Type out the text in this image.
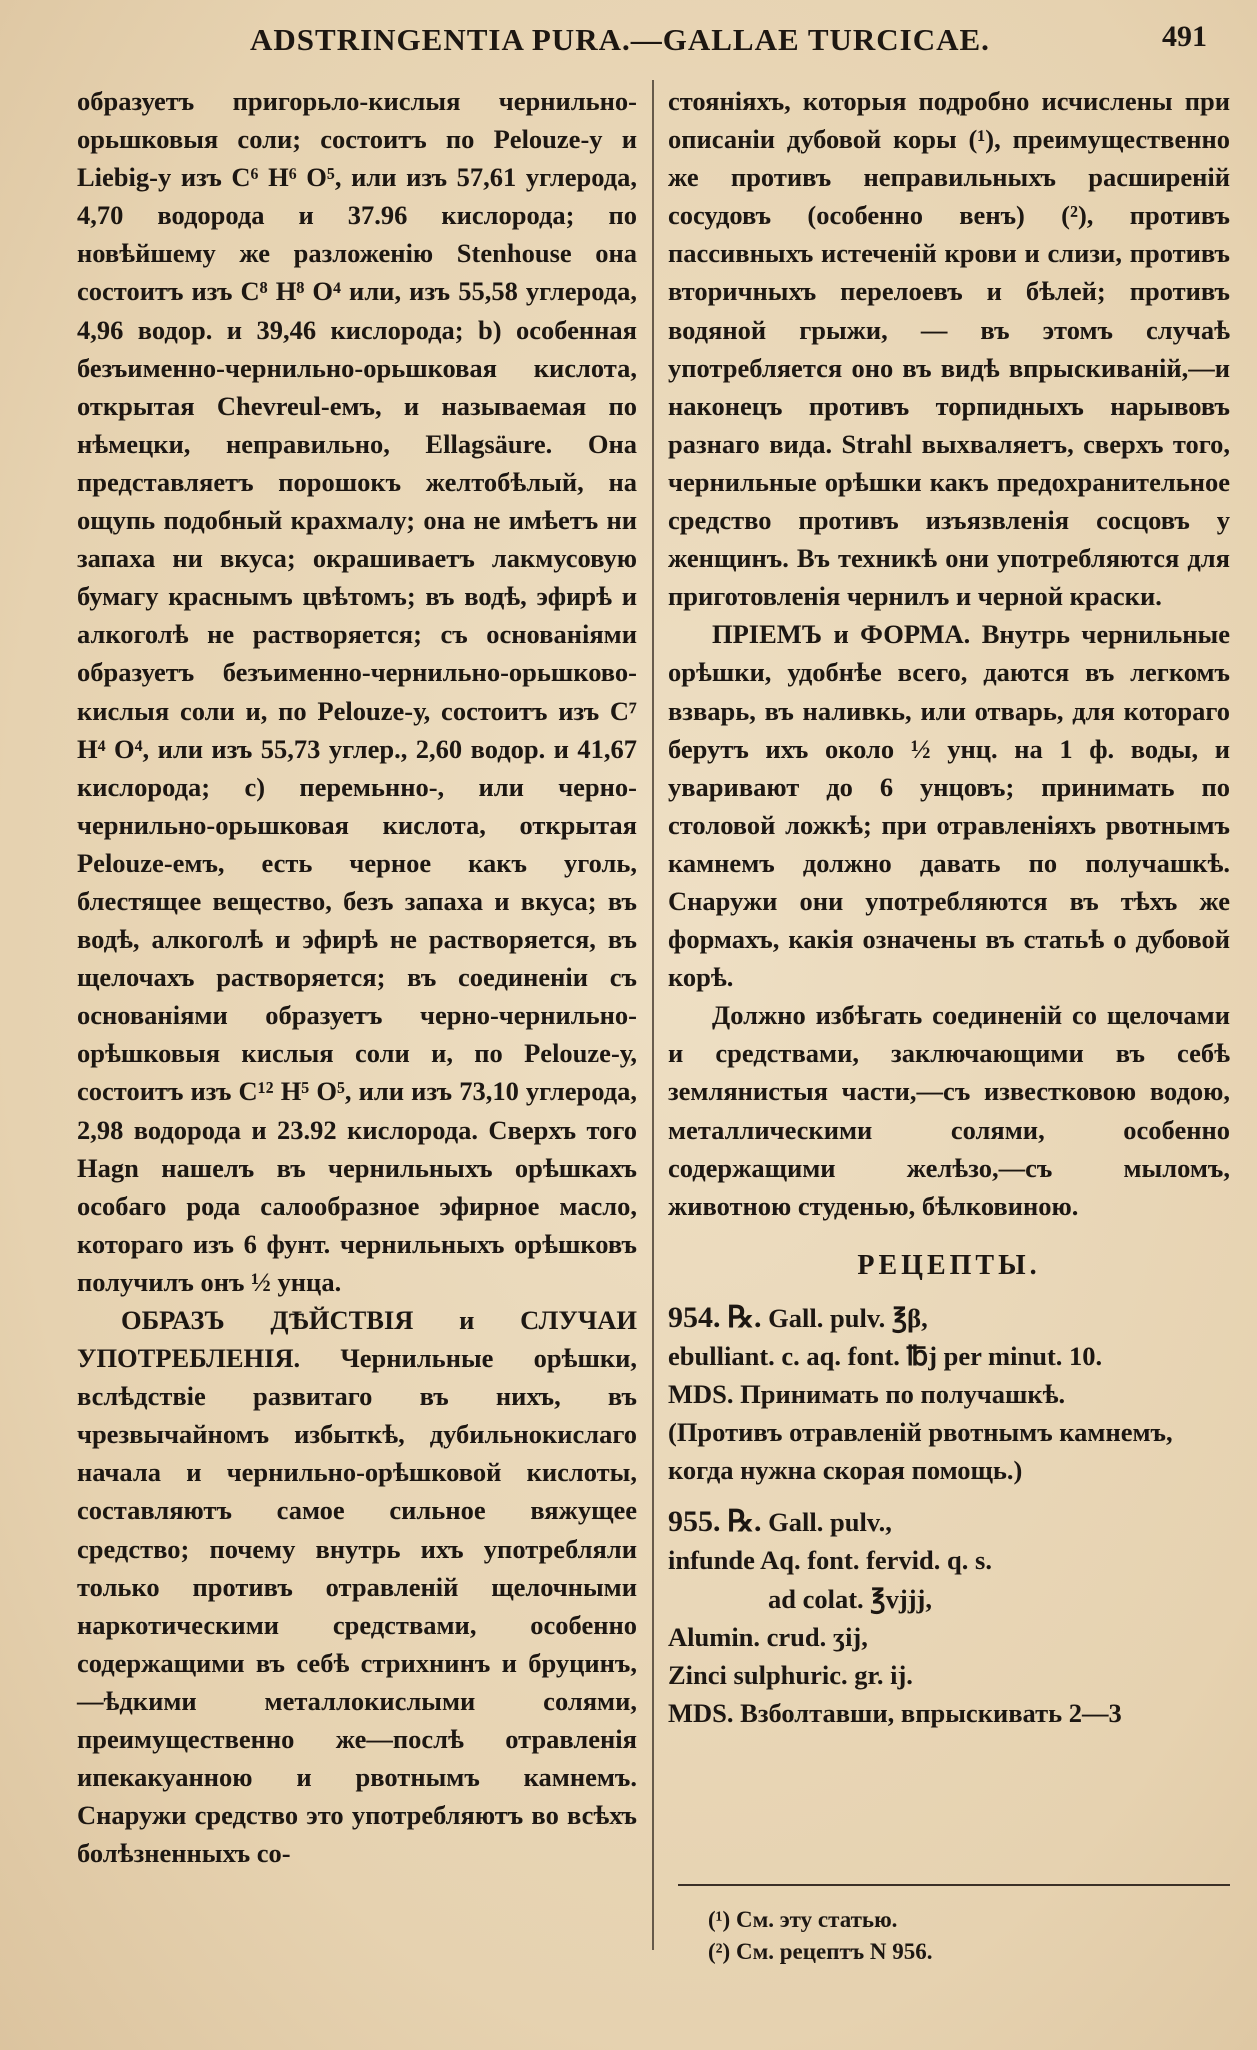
ADSTRINGENTIA PURA.—GALLAE TURCICAE.	491

образуетъ пригорьло-кислыя чернильно-орьшковыя соли; состоитъ по Pelouze-у и Liebig-у изъ C⁶ H⁶ O⁵, или изъ 57,61 углерода, 4,70 водорода и 37.96 кислорода; по новѣйшему же разложенію Stenhouse она состоитъ изъ C⁸ H⁸ O⁴ или, изъ 55,58 углерода, 4,96 водор. и 39,46 кислорода; b) особенная безъименно-чернильно-орьшковая кислота, открытая Chevreul-емъ, и называемая по нѣмецки, неправильно, Ellagsäure. Она представляетъ порошокъ желтобѣлый, на ощупь подобный крахмалу; она не имѣетъ ни запаха ни вкуса; окрашиваетъ лакмусовую бумагу краснымъ цвѣтомъ; въ водѣ, эфирѣ и алкоголѣ не растворяется; съ основаніями образуетъ безъименно-чернильно-орьшково-кислыя соли и, по Pelouze-у, состоитъ изъ C⁷ H⁴ O⁴, или изъ 55,73 углер., 2,60 водор. и 41,67 кислорода; c) перемьнно-, или черно-чернильно-орьшковая кислота, открытая Pelouze-емъ, есть черное какъ уголь, блестящее вещество, безъ запаха и вкуса; въ водѣ, алкоголѣ и эфирѣ не растворяется, въ щелочахъ растворяется; въ соединеніи съ основаніями образуетъ черно-чернильно-орѣшковыя кислыя соли и, по Pelouze-у, состоитъ изъ C¹² H⁵ O⁵, или изъ 73,10 углерода, 2,98 водорода и 23.92 кислорода. Сверхъ того Hagn нашелъ въ чернильныхъ орѣшкахъ особаго рода салообразное эфирное масло, котораго изъ 6 фунт. чернильныхъ орѣшковъ получилъ онъ ½ унца.

ОБРАЗЪ ДѢЙСТВІЯ и СЛУЧАИ УПОТРЕБЛЕНІЯ. Чернильные орѣшки, вслѣдствіе развитаго въ нихъ, въ чрезвычайномъ избыткѣ, дубильнокислаго начала и чернильно-орѣшковой кислоты, составляютъ самое сильное вяжущее средство; почему внутрь ихъ употребляли только противъ отравленій щелочными наркотическими средствами, особенно содержащими въ себѣ стрихнинъ и бруцинъ,—ѣдкими металлокислыми солями, преимущественно же—послѣ отравленія ипекакуанною и рвотнымъ камнемъ. Снаружи средство это употребляютъ во всѣхъ болѣзненныхъ со-

стояніяхъ, которыя подробно исчислены при описаніи дубовой коры (¹), преимущественно же противъ неправильныхъ расширеній сосудовъ (особенно венъ) (²), противъ пассивныхъ истеченій крови и слизи, противъ вторичныхъ перелоевъ и бѣлей; противъ водяной грыжи, — въ этомъ случаѣ употребляется оно въ видѣ впрыскиваній,—и наконецъ противъ торпидныхъ нарывовъ разнаго вида. Strahl выхваляетъ, сверхъ того, чернильные орѣшки какъ предохранительное средство противъ изъязвленія сосцовъ у женщинъ. Въ техникѣ они употребляются для приготовленія чернилъ и черной краски.

ПРІЕМЪ и ФОРМА. Внутрь чернильные орѣшки, удобнѣе всего, даются въ легкомъ взварь, въ наливкь, или отварь, для котораго берутъ ихъ около ½ унц. на 1 ф. воды, и уваривают до 6 унцовъ; принимать по столовой ложкѣ; при отравленіяхъ рвотнымъ камнемъ должно давать по получашкѣ. Снаружи они употребляются въ тѣхъ же формахъ, какія означены въ статьѣ о дубовой корѣ.

Должно избѣгать соединеній со щелочами и средствами, заключающими въ себѣ землянистыя части,—съ известковою водою, металлическими солями, особенно содержащими желѣзо,—съ мыломъ, животною студенью, бѣлковиною.

РЕЦЕПТЫ.
954. ℞. Gall. pulv. ℥β,
ebulliant. c. aq. font. ℔j per minut. 10.
MDS. Принимать по получашкѣ.
(Противъ отравленій рвотнымъ камнемъ, когда нужна скорая помощь.)
955. ℞. Gall. pulv.,
infunde Aq. font. fervid. q. s.
ad colat. ℥vjjj,
Alumin. crud. ʒij,
Zinci sulphuric. gr. ij.
MDS. Взболтавши, впрыскивать 2—3
(¹) См. эту статью.
(²) См. рецептъ N 956.
